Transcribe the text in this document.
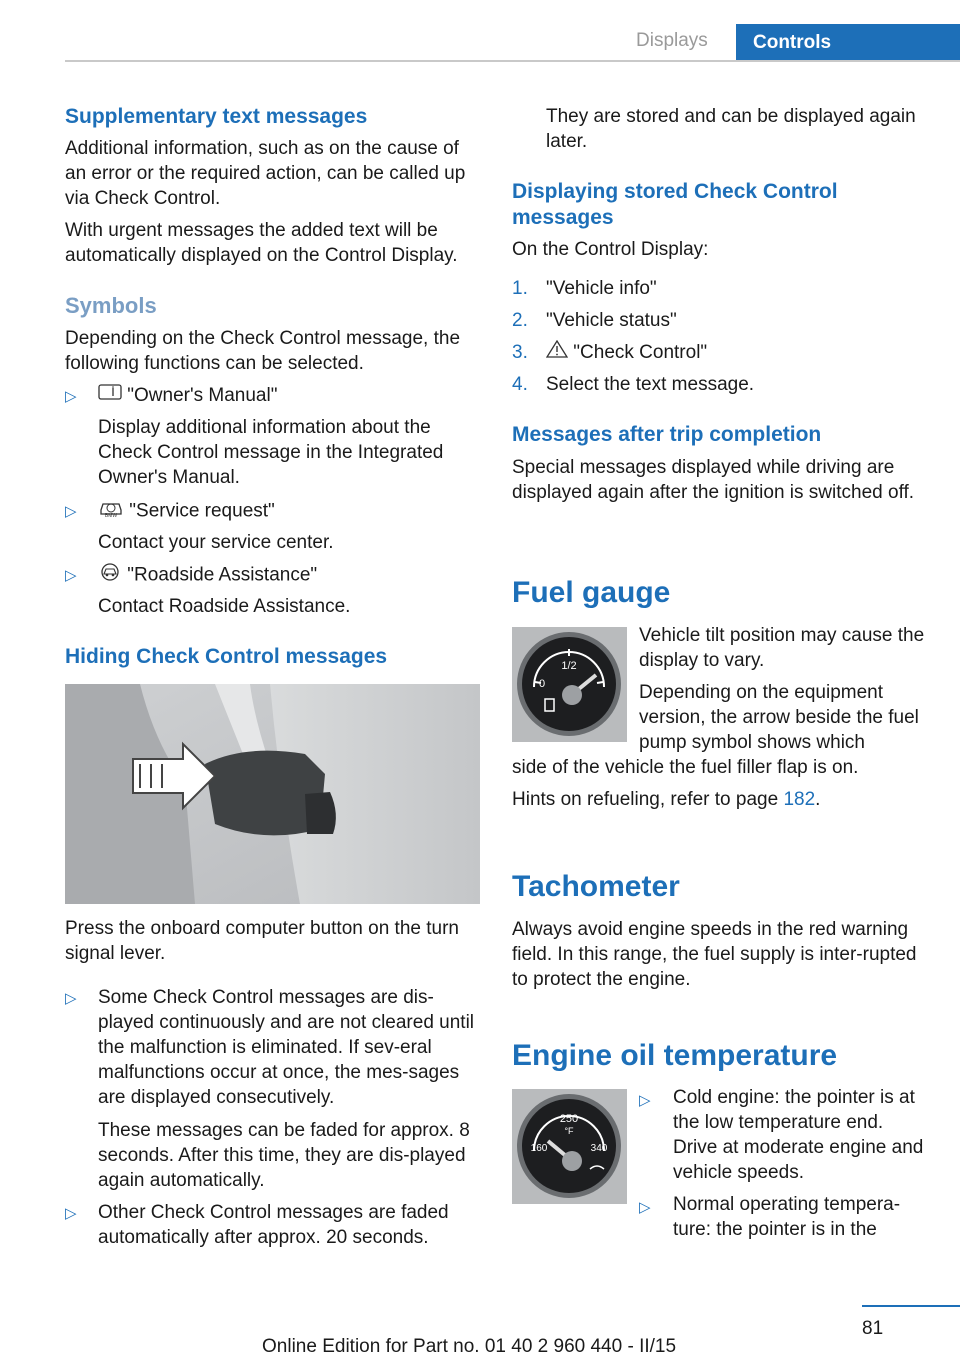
Displays	Controls
Supplementary text messages
Additional information, such as on the cause of an error or the required action, can be called up via Check Control.
With urgent messages the added text will be automatically displayed on the Control Display.
Symbols
Depending on the Check Control message, the following functions can be selected.
▷	"Owner's Manual"
Display additional information about the Check Control message in the Integrated Owner's Manual.
▷	BMW "Service request"
Contact your service center.
▷	"Roadside Assistance"
Contact Roadside Assistance.
Hiding Check Control messages
Press the onboard computer button on the turn signal lever.
▷ Some Check Control messages are dis‐played continuously and are not cleared until the malfunction is eliminated. If sev‐eral malfunctions occur at once, the mes‐sages are displayed consecutively.
These messages can be faded for approx. 8 seconds. After this time, they are dis‐played again automatically.
▷ Other Check Control messages are faded automatically after approx. 20 seconds.
They are stored and can be displayed again later.
Displaying stored Check Control messages
On the Control Display:
1. "Vehicle info"
2. "Vehicle status"
3.	"Check Control"
4. Select the text message.
Messages after trip completion
Special messages displayed while driving are displayed again after the ignition is switched off.
Fuel gauge
1/2
0
Vehicle tilt position may cause the display to vary.
Depending on the equipment version, the arrow beside the fuel pump symbol shows which
side of the vehicle the fuel filler flap is on.
Hints on refueling, refer to page 182.
Tachometer
Always avoid engine speeds in the red warning field. In this range, the fuel supply is inter‐rupted to protect the engine.
Engine oil temperature
250
°F
160	340
▷ Cold engine: the pointer is at the low temperature end. Drive at moderate engine and vehicle speeds.
▷ Normal operating tempera‐ture: the pointer is in the
81
Online Edition for Part no. 01 40 2 960 440 - II/15
